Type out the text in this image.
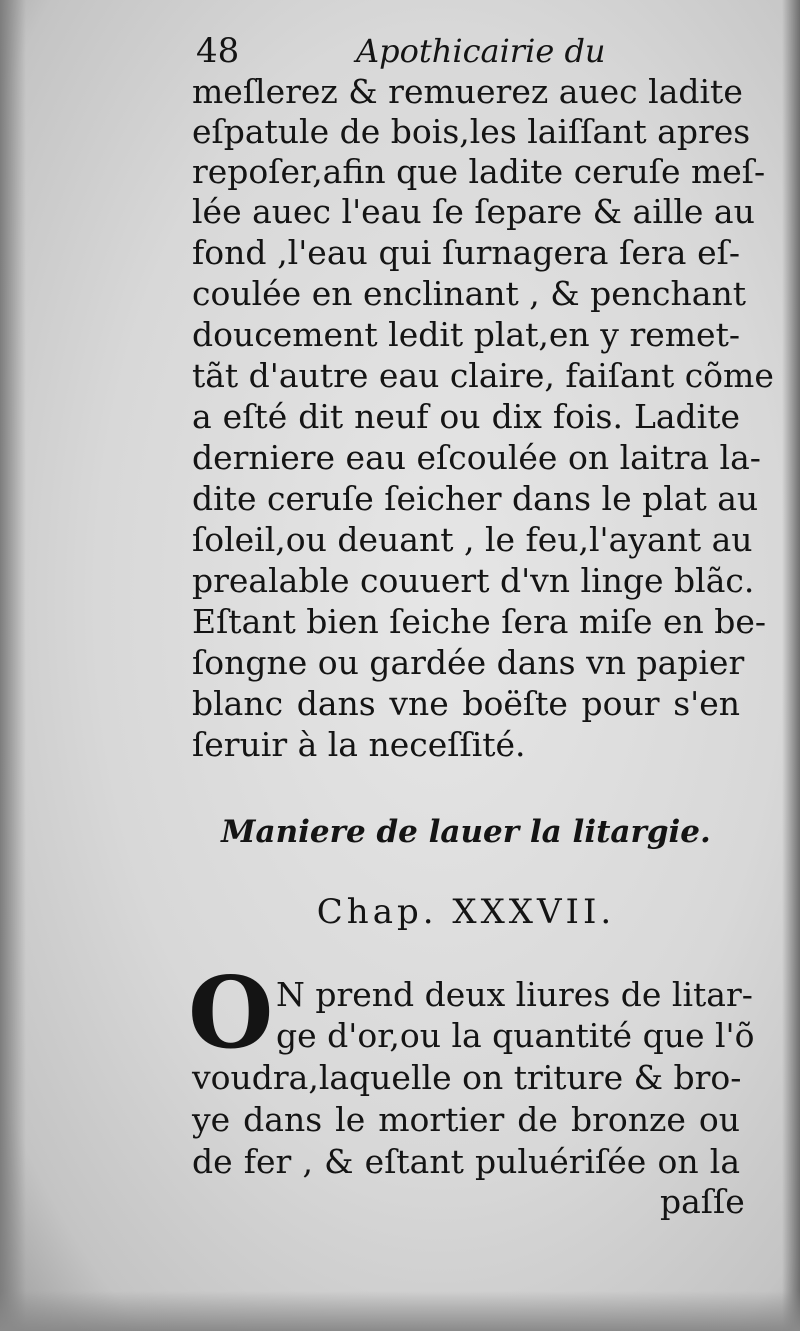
48	Apothicairie du
meſlerez & remuerez auec ladite
eſpatule de bois,les laiſſant apres
repoſer,afin que ladite ceruſe meſ-
lée auec l'eau ſe ſepare & aille au
fond ,l'eau qui ſurnagera ſera eſ-
coulée en enclinant , & penchant
doucement ledit plat,en y remet-
tãt d'autre eau claire, faiſant cõme
a eſté dit neuf ou dix fois. Ladite
derniere eau eſcoulée on laitra la-
dite ceruſe ſeicher dans le plat au
ſoleil,ou deuant , le feu,l'ayant au
prealable couuert d'vn linge blãc.
Eſtant bien ſeiche ſera miſe en be-
ſongne ou gardée dans vn papier
blanc dans vne boëſte pour s'en
ſeruir à la neceſſité.
Maniere de lauer la litargie.
Chap. XXXVII.
O N prend deux liures de litar-
ge d'or,ou la quantité que l'õ
voudra,laquelle on triture & bro-
ye dans le mortier de bronze ou
de fer , & eſtant puluériſée on la
paſſe
